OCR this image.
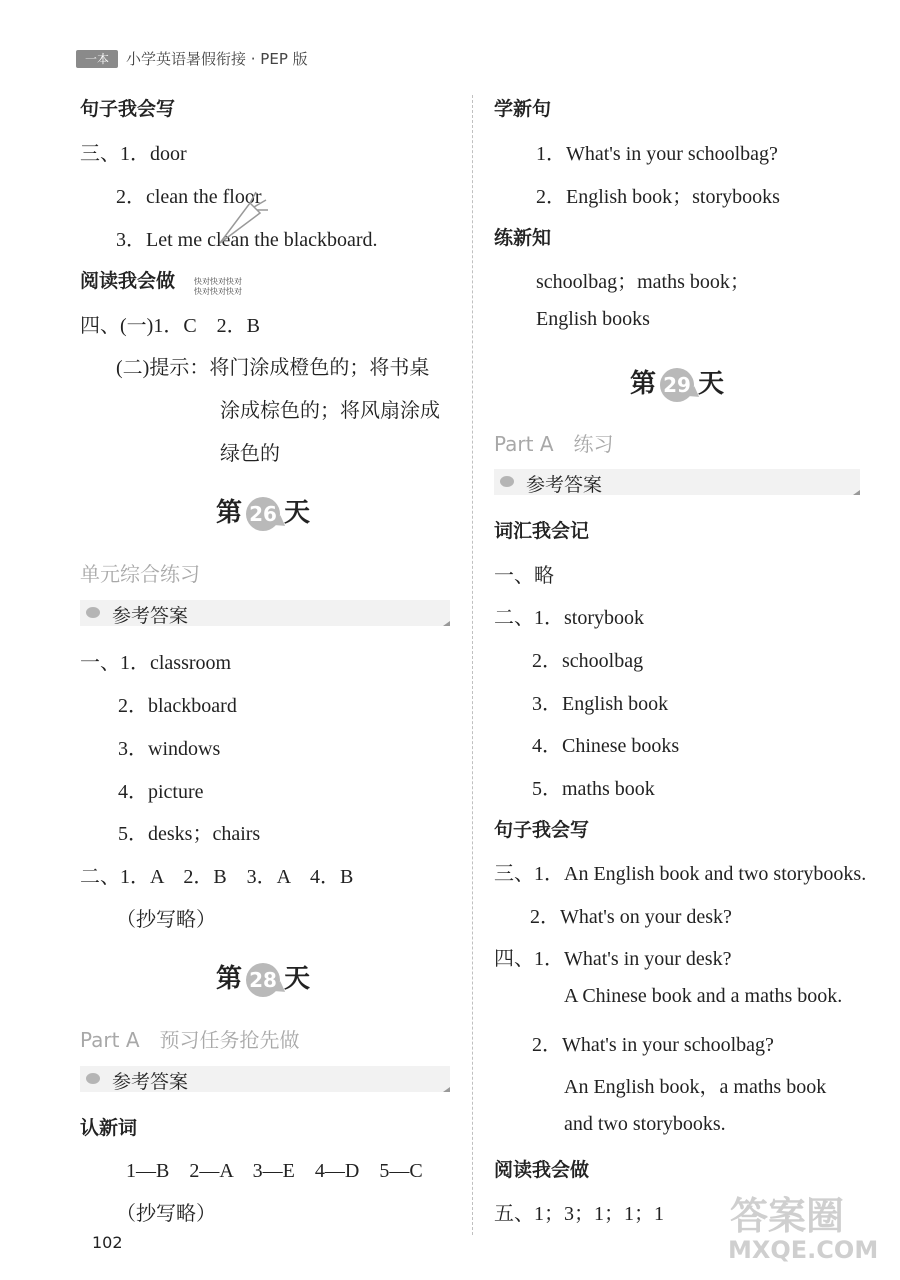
一本	小学英语暑假衔接 · PEP 版
句子我会写
三、1．door
2．clean the floor
3．Let me clean the blackboard.
阅读我会做 快对快对快对
快对快对快对
四、(一)1．C　2．B
(二)提示：将门涂成橙色的；将书桌
涂成棕色的；将风扇涂成
绿色的
第 26 天
单元综合练习
参考答案
一、1．classroom
2．blackboard
3．windows
4．picture
5．desks；chairs
二、1．A　2．B　3．A　4．B
（抄写略）
第 28 天
Part A　预习任务抢先做
参考答案
认新词
1—B　2—A　3—E　4—D　5—C
（抄写略）
102
学新句
1．What's in your schoolbag?
2．English book；storybooks
练新知
schoolbag；maths book；
English books
第 29 天
Part A　练习
参考答案
词汇我会记
一、略
二、1．storybook
2．schoolbag
3．English book
4．Chinese books
5．maths book
句子我会写
三、1．An English book and two storybooks.
2．What's on your desk?
四、1．What's in your desk?
A Chinese book and a maths book.
2．What's in your schoolbag?
An English book，a maths book
and two storybooks.
阅读我会做
五、1；3；1；1；1 答案圈
MXQE.COM
